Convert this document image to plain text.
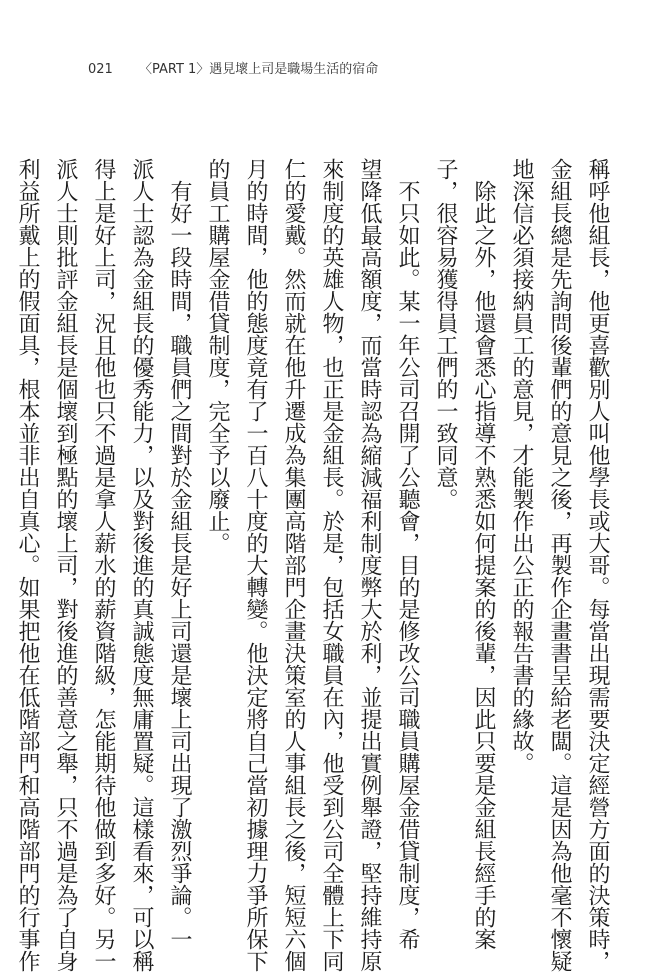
021 〈PART 1〉遇見壞上司是職場生活的宿命

稱呼他組長，他更喜歡別人叫他學長或大哥。每當出現需要決定經營方面的決策時，

金組長總是先詢問後輩們的意見之後，再製作企畫書呈給老闆。這是因為他毫不懷疑

地深信必須接納員工的意見，才能製作出公正的報告書的緣故。

除此之外，他還會悉心指導不熟悉如何提案的後輩，因此只要是金組長經手的案

子，很容易獲得員工們的一致同意。

不只如此。某一年公司召開了公聽會，目的是修改公司職員購屋金借貸制度，希

望降低最高額度，而當時認為縮減福利制度弊大於利，並提出實例舉證，堅持維持原

來制度的英雄人物，也正是金組長。於是，包括女職員在內，他受到公司全體上下同

仁的愛戴。然而就在他升遷成為集團高階部門企畫決策室的人事組長之後，短短六個

月的時間，他的態度竟有了一百八十度的大轉變。他決定將自己當初據理力爭所保下

的員工購屋金借貸制度，完全予以廢止。

有好一段時間，職員們之間對於金組長是好上司還是壞上司出現了激烈爭論。一

派人士認為金組長的優秀能力，以及對後進的真誠態度無庸置疑。這樣看來，可以稱

得上是好上司，況且他也只不過是拿人薪水的薪資階級，怎能期待他做到多好。另一

派人士則批評金組長是個壞到極點的壞上司，對後進的善意之舉，只不過是為了自身

利益所戴上的假面具，根本並非出自真心。如果把他在低階部門和高階部門的行事作
